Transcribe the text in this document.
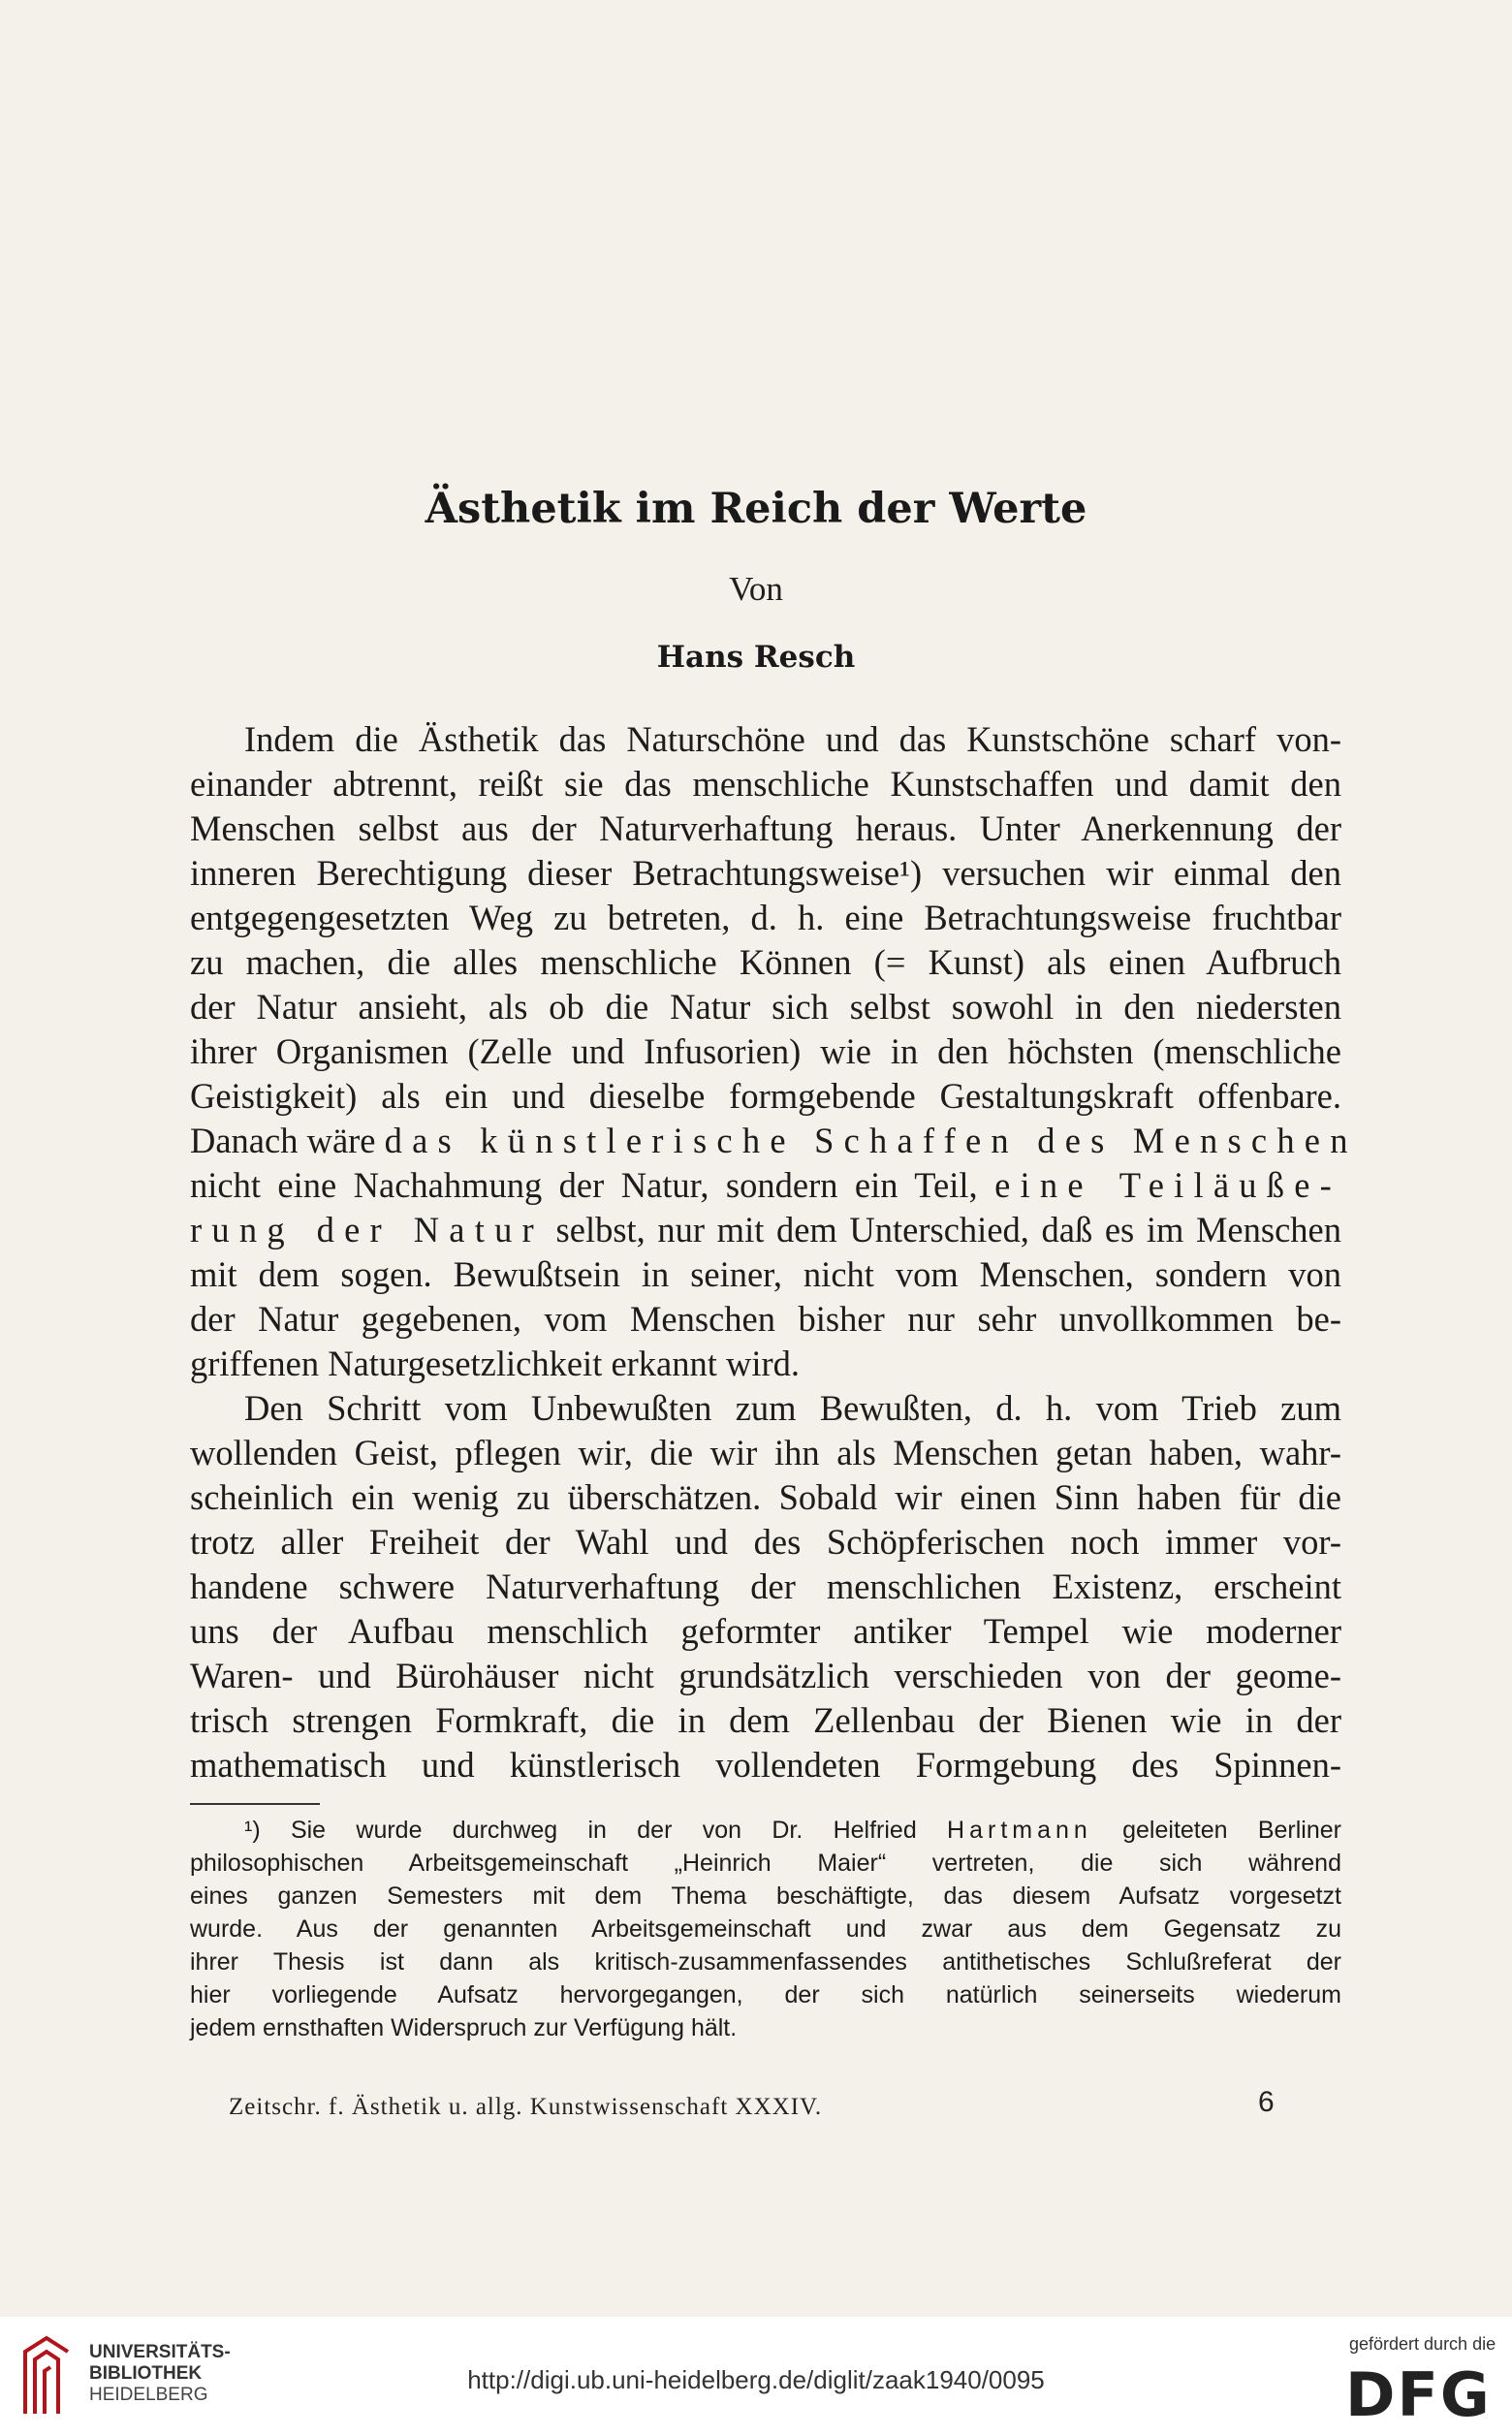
Ästhetik im Reich der Werte
Von
Hans Resch
Indem die Ästhetik das Naturschöne und das Kunstschöne scharf von-
einander abtrennt, reißt sie das menschliche Kunstschaffen und damit den
Menschen selbst aus der Naturverhaftung heraus. Unter Anerkennung der
inneren Berechtigung dieser Betrachtungsweise¹) versuchen wir einmal den
entgegengesetzten Weg zu betreten, d. h. eine Betrachtungsweise fruchtbar
zu machen, die alles menschliche Können (= Kunst) als einen Aufbruch
der Natur ansieht, als ob die Natur sich selbst sowohl in den niedersten
ihrer Organismen (Zelle und Infusorien) wie in den höchsten (menschliche
Geistigkeit) als ein und dieselbe formgebende Gestaltungskraft offenbare.
Danach wäre das künstlerische Schaffen des Menschen
nicht eine Nachahmung der Natur, sondern ein Teil, eine Teiläuße-
rung der Natur selbst, nur mit dem Unterschied, daß es im Menschen
mit dem sogen. Bewußtsein in seiner, nicht vom Menschen, sondern von
der Natur gegebenen, vom Menschen bisher nur sehr unvollkommen be-
griffenen Naturgesetzlichkeit erkannt wird.
Den Schritt vom Unbewußten zum Bewußten, d. h. vom Trieb zum
wollenden Geist, pflegen wir, die wir ihn als Menschen getan haben, wahr-
scheinlich ein wenig zu überschätzen. Sobald wir einen Sinn haben für die
trotz aller Freiheit der Wahl und des Schöpferischen noch immer vor-
handene schwere Naturverhaftung der menschlichen Existenz, erscheint
uns der Aufbau menschlich geformter antiker Tempel wie moderner
Waren- und Bürohäuser nicht grundsätzlich verschieden von der geome-
trisch strengen Formkraft, die in dem Zellenbau der Bienen wie in der
mathematisch und künstlerisch vollendeten Formgebung des Spinnen-
¹) Sie wurde durchweg in der von Dr. Helfried Hartmann geleiteten Berliner
philosophischen Arbeitsgemeinschaft „Heinrich Maier“ vertreten, die sich während
eines ganzen Semesters mit dem Thema beschäftigte, das diesem Aufsatz vorgesetzt
wurde. Aus der genannten Arbeitsgemeinschaft und zwar aus dem Gegensatz zu
ihrer Thesis ist dann als kritisch-zusammenfassendes antithetisches Schlußreferat der
hier vorliegende Aufsatz hervorgegangen, der sich natürlich seinerseits wiederum
jedem ernsthaften Widerspruch zur Verfügung hält.
Zeitschr. f. Ästhetik u. allg. Kunstwissenschaft XXXIV.	6
UNIVERSITÄTS-
BIBLIOTHEK
HEIDELBERG
http://digi.ub.uni-heidelberg.de/diglit/zaak1940/0095
gefördert durch die
DFG
